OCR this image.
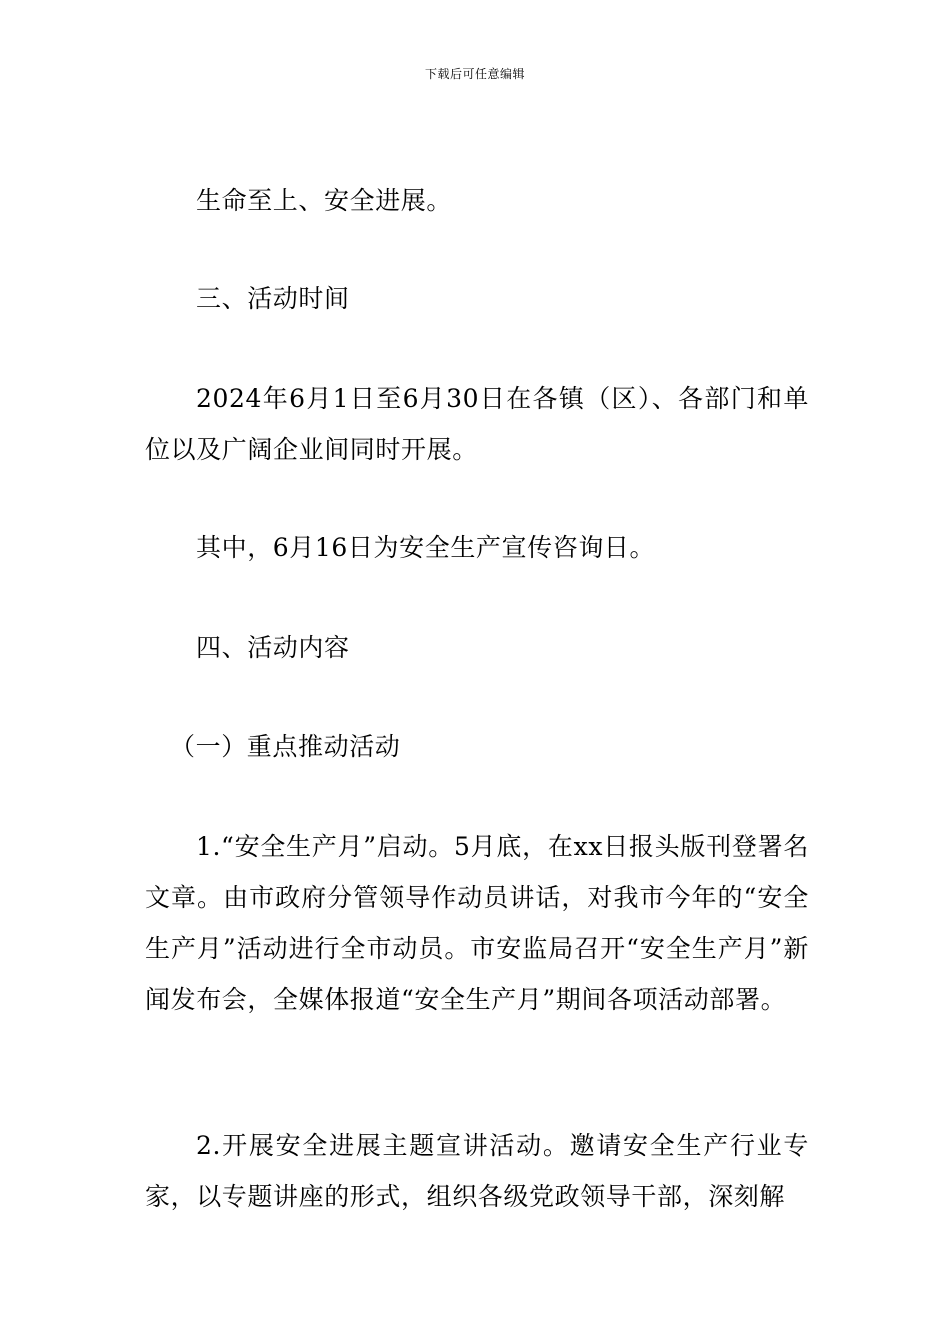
下载后可任意编辑
生命至上、安全进展。
三、活动时间
2024年6月1日至6月30日在各镇（区）、各部门和单位以及广阔企业间同时开展。
其中，6月16日为安全生产宣传咨询日。
四、活动内容
（一）重点推动活动
1.“安全生产月”启动。5月底，在xx日报头版刊登署名文章。由市政府分管领导作动员讲话，对我市今年的“安全生产月”活动进行全市动员。市安监局召开“安全生产月”新闻发布会，全媒体报道“安全生产月”期间各项活动部署。
2.开展安全进展主题宣讲活动。邀请安全生产行业专家，以专题讲座的形式，组织各级党政领导干部，深刻解
